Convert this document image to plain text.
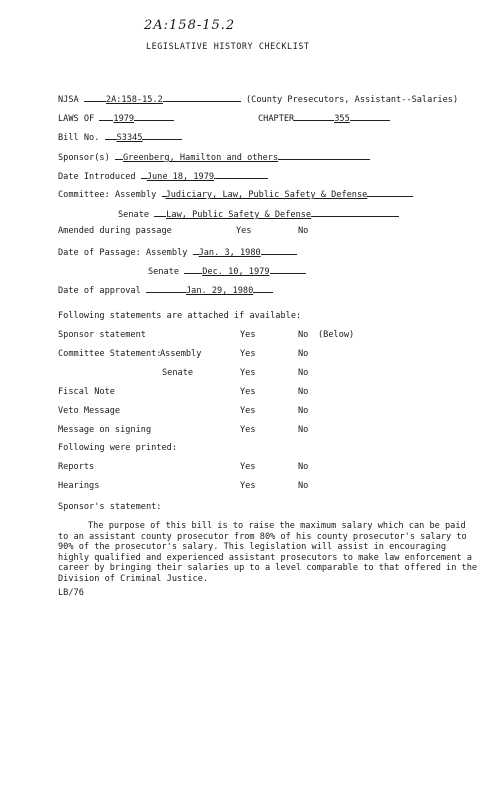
2A:158-15.2
LEGISLATIVE HISTORY CHECKLIST
NJSA	2A:158-15.2	(County Presecutors, Assistant--Salaries)
LAWS OF 1979	CHAPTER	355
Bill No. S3345
Sponsor(s) Greenberg, Hamilton and others
Date Introduced June 18, 1979
Committee: Assembly Judiciary, Law, Public Safety & Defense
Senate Law, Public Safety & Defense
Amended during passage	Yes	No
Date of Passage: Assembly Jan. 3, 1980
Senate	Dec. 10, 1979
Date of approval	Jan. 29, 1980
Following statements are attached if available:
Sponsor statement	Yes	No (Below)
Committee Statement:
Assembly	Yes	No
Senate	Yes	No
Fiscal Note	Yes	No
Veto Message	Yes	No
Message on signing	Yes	No
Following were printed:
Reports	Yes	No
Hearings	Yes	No
Sponsor's statement:
The purpose of this bill is to raise the maximum salary which can be paid to an assistant county prosecutor from 80% of his county prosecutor's salary to 90% of the prosecutor's salary. This legislation will assist in encouraging highly qualified and experienced assistant prosecutors to make law enforcement a career by bringing their salaries up to a level comparable to that offered in the Division of Criminal Justice.
LB/76
